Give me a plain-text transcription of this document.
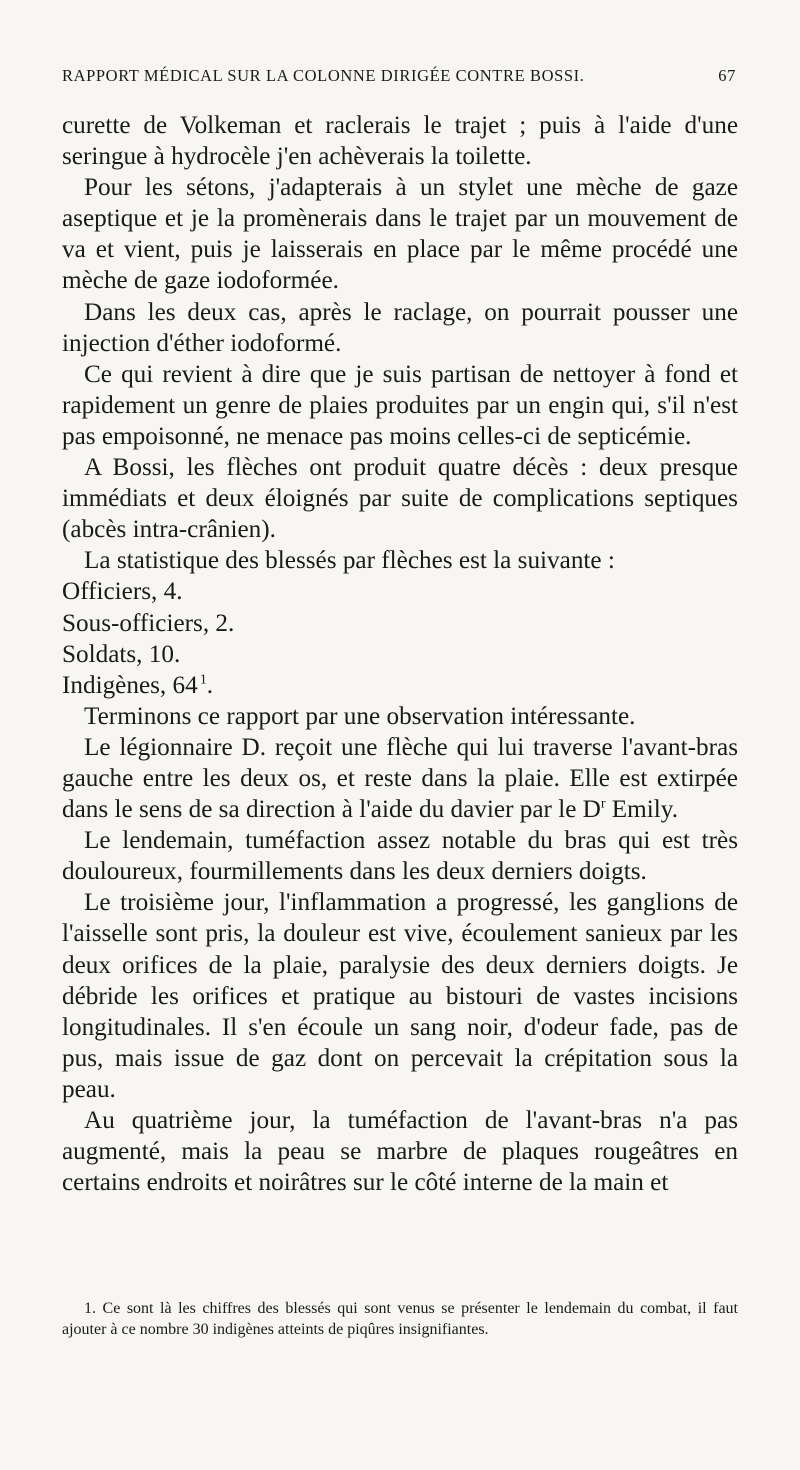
RAPPORT MÉDICAL SUR LA COLONNE DIRIGÉE CONTRE BOSSI.	67

curette de Volkeman et raclerais le trajet ; puis à l'aide d'une seringue à hydrocèle j'en achèverais la toilette.

Pour les sétons, j'adapterais à un stylet une mèche de gaze aseptique et je la promènerais dans le trajet par un mouvement de va et vient, puis je laisserais en place par le même procédé une mèche de gaze iodoformée.

Dans les deux cas, après le raclage, on pourrait pousser une injection d'éther iodoformé.

Ce qui revient à dire que je suis partisan de nettoyer à fond et rapidement un genre de plaies produites par un engin qui, s'il n'est pas empoisonné, ne menace pas moins celles-ci de septicémie.

A Bossi, les flèches ont produit quatre décès : deux presque immédiats et deux éloignés par suite de complications septiques (abcès intra-crânien).

La statistique des blessés par flèches est la suivante :

Officiers, 4.

Sous-officiers, 2.

Soldats, 10.

Indigènes, 64  $^1$.

Terminons ce rapport par une observation intéressante.

Le légionnaire D. reçoit une flèche qui lui traverse l'avant-bras gauche entre les deux os, et reste dans la plaie. Elle est extirpée dans le sens de sa direction à l'aide du davier par le $D^r$ Emily.

Le lendemain, tuméfaction assez notable du bras qui est très douloureux, fourmillements dans les deux derniers doigts.

Le troisième jour, l'inflammation a progressé, les ganglions de l'aisselle sont pris, la douleur est vive, écoulement sanieux par les deux orifices de la plaie, paralysie des deux derniers doigts. Je débride les orifices et pratique au bistouri de vastes incisions longitudinales. Il s'en écoule un sang noir, d'odeur fade, pas de pus, mais issue de gaz dont on percevait la crépitation sous la peau.

Au quatrième jour, la tuméfaction de l'avant-bras n'a pas augmenté, mais la peau se marbre de plaques rougeâtres en certains endroits et noirâtres sur le côté interne de la main et

1. Ce sont là les chiffres des blessés qui sont venus se présenter le lendemain du combat, il faut ajouter à ce nombre 30 indigènes atteints de piqûres insignifiantes.
